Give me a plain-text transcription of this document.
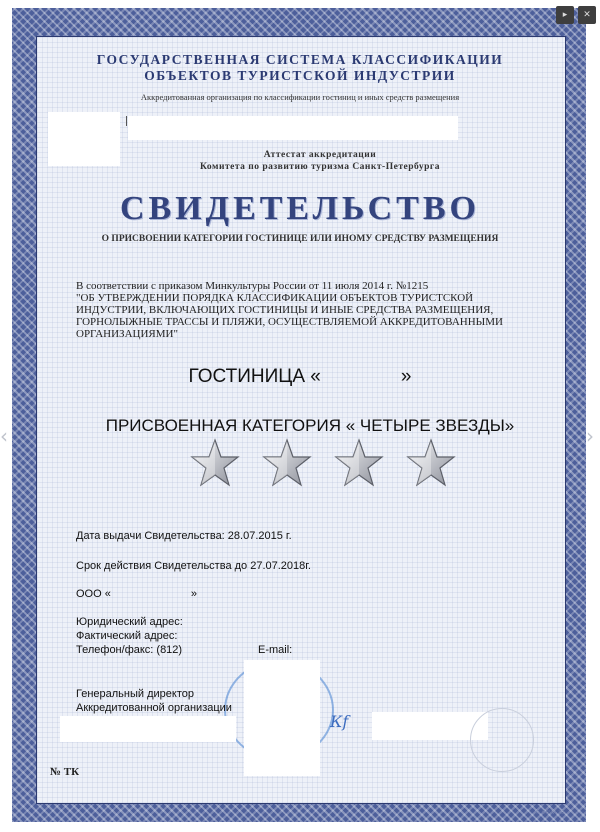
ГОСУДАРСТВЕННАЯ СИСТЕМА КЛАССИФИКАЦИИ
ОБЪЕКТОВ ТУРИСТСКОЙ ИНДУСТРИИ
Аккредитованная организация по классификации гостиниц и иных средств размещения
Аттестат аккредитации
Комитета по развитию туризма Санкт-Петербурга
СВИДЕТЕЛЬСТВО
О ПРИСВОЕНИИ КАТЕГОРИИ ГОСТИНИЦЕ ИЛИ ИНОМУ СРЕДСТВУ РАЗМЕЩЕНИЯ
В соответствии с приказом Минкультуры России от 11 июля 2014 г. №1215
"ОБ УТВЕРЖДЕНИИ ПОРЯДКА КЛАССИФИКАЦИИ ОБЪЕКТОВ ТУРИСТСКОЙ ИНДУСТРИИ, ВКЛЮЧАЮЩИХ ГОСТИНИЦЫ И ИНЫЕ СРЕДСТВА РАЗМЕЩЕНИЯ, ГОРНОЛЫЖНЫЕ ТРАССЫ И ПЛЯЖИ, ОСУЩЕСТВЛЯЕМОЙ АККРЕДИТОВАННЫМИ ОРГАНИЗАЦИЯМИ"
ГОСТИНИЦА «	»
ПРИСВОЕННАЯ КАТЕГОРИЯ « ЧЕТЫРЕ ЗВЕЗДЫ»
Дата выдачи Свидетельства: 28.07.2015 г.
Срок действия Свидетельства до 27.07.2018г.
ООО «	»
Юридический адрес:
Фактический адрес:
Телефон/факс: (812)	E-mail:
Генеральный директор
Аккредитованной организации
Кf
№ ТК
© ФЕЧИ 12
▸	✕
‹	›
